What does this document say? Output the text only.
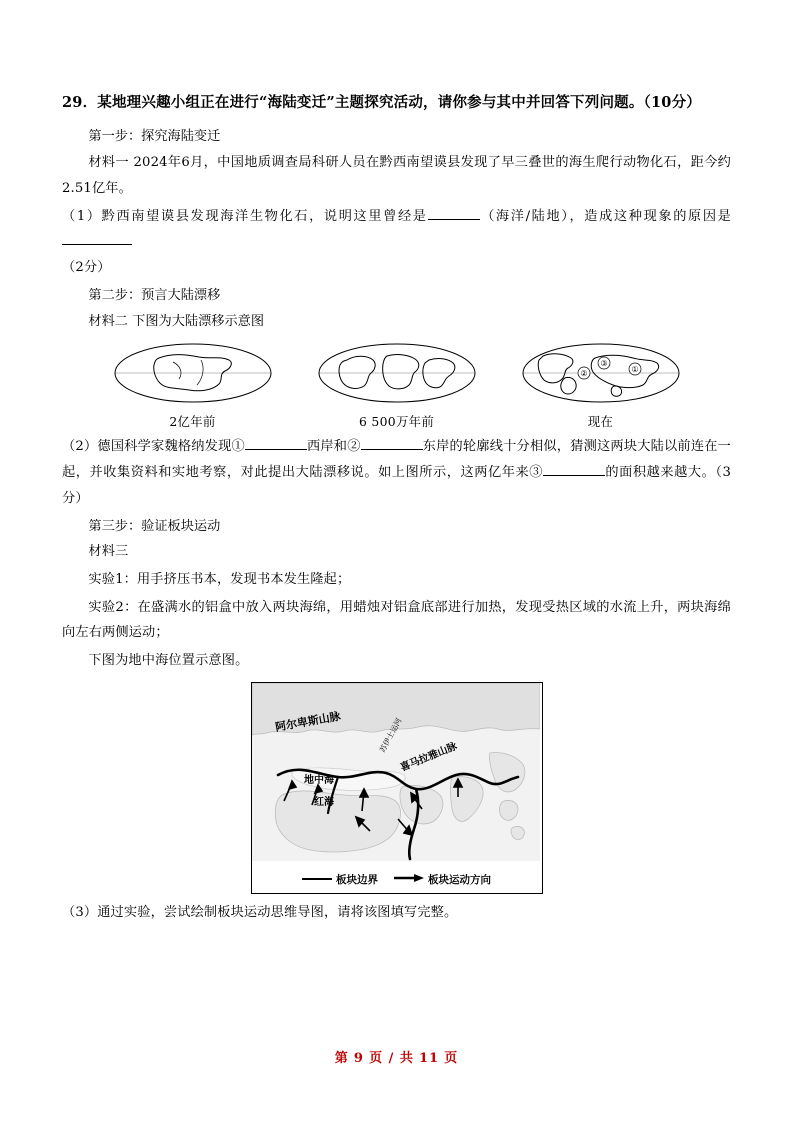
29．某地理兴趣小组正在进行“海陆变迁”主题探究活动，请你参与其中并回答下列问题。（10分）

第一步：探究海陆变迁

材料一 2024年6月，中国地质调查局科研人员在黔西南望谟县发现了早三叠世的海生爬行动物化石，距今约2.51亿年。

（1）黔西南望谟县发现海洋生物化石，说明这里曾经是	（海洋/陆地），造成这种现象的原因是
（2分）

第二步：预言大陆漂移

材料二 下图为大陆漂移示意图

2亿年前	6 500万年前
③
②	①
现在

（2）德国科学家魏格纳发现①	西岸和②	东岸的轮廓线十分相似，猜测这两块大陆以前连在一起，并收集资料和实地考察，对此提出大陆漂移说。如上图所示，这两亿年来③	的面积越来越大。（3分）

第三步：验证板块运动

材料三

实验1：用手挤压书本，发现书本发生隆起；

实验2：在盛满水的铝盒中放入两块海绵，用蜡烛对铝盒底部进行加热，发现受热区域的水流上升，两块海绵向左右两侧运动；

下图为地中海位置示意图。

阿尔卑斯山脉
地中海
红海
喜马拉雅山脉
苏伊士运河
板块边界	板块运动方向

（3）通过实验，尝试绘制板块运动思维导图，请将该图填写完整。

第 9 页 / 共 11 页
